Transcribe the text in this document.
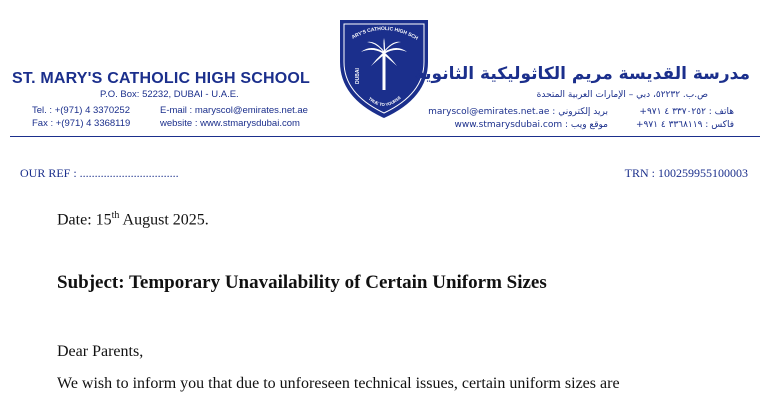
ST. MARY'S CATHOLIC HIGH SCHOOL
P.O. Box: 52232, DUBAI - U.A.E.
Tel. : +(971) 4 3370252
Fax : +(971) 4 3368119
E-mail : maryscol@emirates.net.ae
website : www.stmarysdubai.com
ARY'S CATHOLIC HIGH SCH
DUBAI
TRUE TO YOURSE
مدرسة القديسة مريم الكاثوليكية الثانوية
ص.ب. ٥٢٢٣٢، دبي – الإمارات العربية المتحدة
هاتف : ٣٣٧٠٢٥٢ ٤ ٩٧١+
فاكس : ٣٣٦٨١١٩ ٤ ٩٧١+
بريد إلكتروني : maryscol@emirates.net.ae
موقع ويب : www.stmarysdubai.com
OUR REF : .................................	TRN : 100259955100003
Date: 15th August 2025.
Subject: Temporary Unavailability of Certain Uniform Sizes
Dear Parents,
We wish to inform you that due to unforeseen technical issues, certain uniform sizes are
